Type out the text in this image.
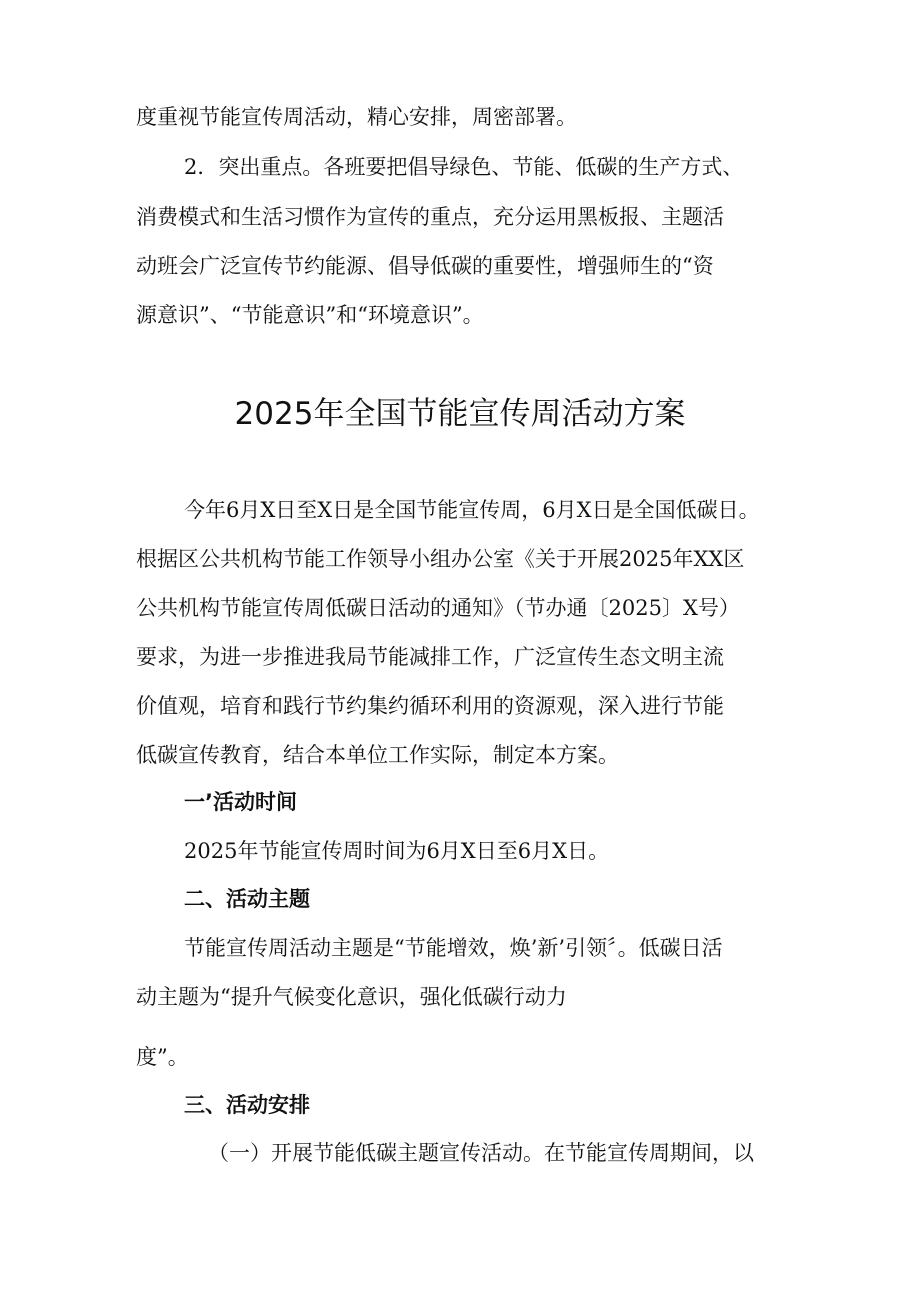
度重视节能宣传周活动，精心安排，周密部署。
2．突出重点。各班要把倡导绿色、节能、低碳的生产方式、
消费模式和生活习惯作为宣传的重点，充分运用黑板报、主题活
动班会广泛宣传节约能源、倡导低碳的重要性，增强师生的“资
源意识”、“节能意识”和“环境意识”。
2025年全国节能宣传周活动方案
今年6月X日至X日是全国节能宣传周，6月X日是全国低碳日。
根据区公共机构节能工作领导小组办公室《关于开展2025年XX区
公共机构节能宣传周低碳日活动的通知》（节办通〔2025〕X号）
要求，为进一步推进我局节能减排工作，广泛宣传生态文明主流
价值观，培育和践行节约集约循环利用的资源观，深入进行节能
低碳宣传教育，结合本单位工作实际，制定本方案。
一’活动时间
2025年节能宣传周时间为6月X日至6月X日。
二、活动主题
节能宣传周活动主题是“节能增效，焕’新’引领〞。低碳日活
动主题为“提升气候变化意识，强化低碳行动力
度”。
三、活动安排
（一）开展节能低碳主题宣传活动。在节能宣传周期间，以
